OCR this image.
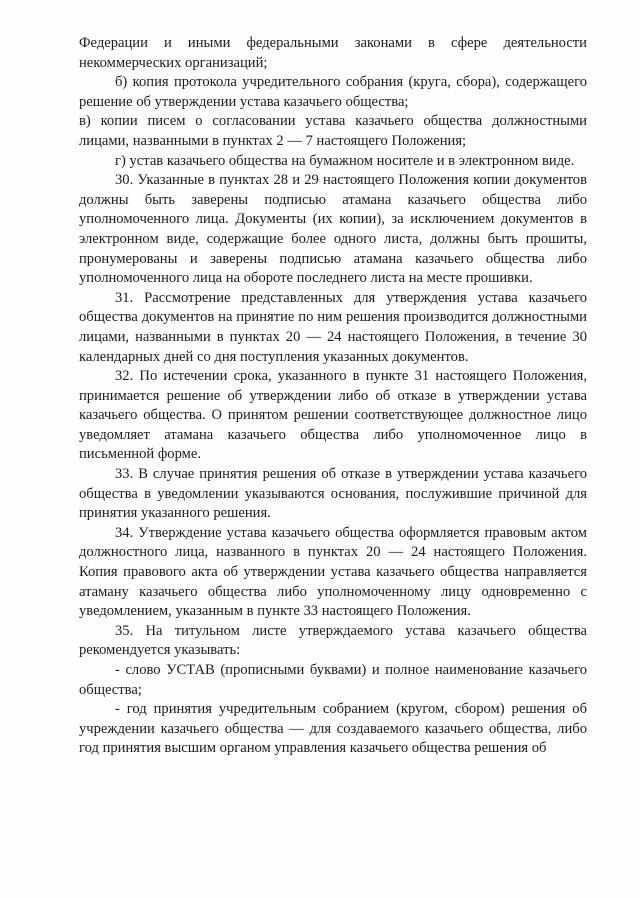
Федерации и иными федеральными законами в сфере деятельности некоммерческих организаций;

б) копия протокола учредительного собрания (круга, сбора), содержащего решение об утверждении устава казачьего общества;

в) копии писем о согласовании устава казачьего общества должностными лицами, названными в пунктах 2 — 7 настоящего Положения;

г) устав казачьего общества на бумажном носителе и в электронном виде.

30. Указанные в пунктах 28 и 29 настоящего Положения копии документов должны быть заверены подписью атамана казачьего общества либо уполномоченного лица. Документы (их копии), за исключением документов в электронном виде, содержащие более одного листа, должны быть прошиты, пронумерованы и заверены подписью атамана казачьего общества либо уполномоченного лица на обороте последнего листа на месте прошивки.

31. Рассмотрение представленных для утверждения устава казачьего общества документов на принятие по ним решения производится должностными лицами, названными в пунктах 20 — 24 настоящего Положения, в течение 30 календарных дней со дня поступления указанных документов.

32. По истечении срока, указанного в пункте 31 настоящего Положения, принимается решение об утверждении либо об отказе в утверждении устава казачьего общества. О принятом решении соответствующее должностное лицо уведомляет атамана казачьего общества либо уполномоченное лицо в письменной форме.

33. В случае принятия решения об отказе в утверждении устава казачьего общества в уведомлении указываются основания, послужившие причиной для принятия указанного решения.

34. Утверждение устава казачьего общества оформляется правовым актом должностного лица, названного в пунктах 20 — 24 настоящего Положения. Копия правового акта об утверждении устава казачьего общества направляется атаману казачьего общества либо уполномоченному лицу одновременно с уведомлением, указанным в пункте 33 настоящего Положения.

35. На титульном листе утверждаемого устава казачьего общества рекомендуется указывать:

- слово УСТАВ (прописными буквами) и полное наименование казачьего общества;

- год принятия учредительным собранием (кругом, сбором) решения об учреждении казачьего общества — для создаваемого казачьего общества, либо год принятия высшим органом управления казачьего общества решения об
